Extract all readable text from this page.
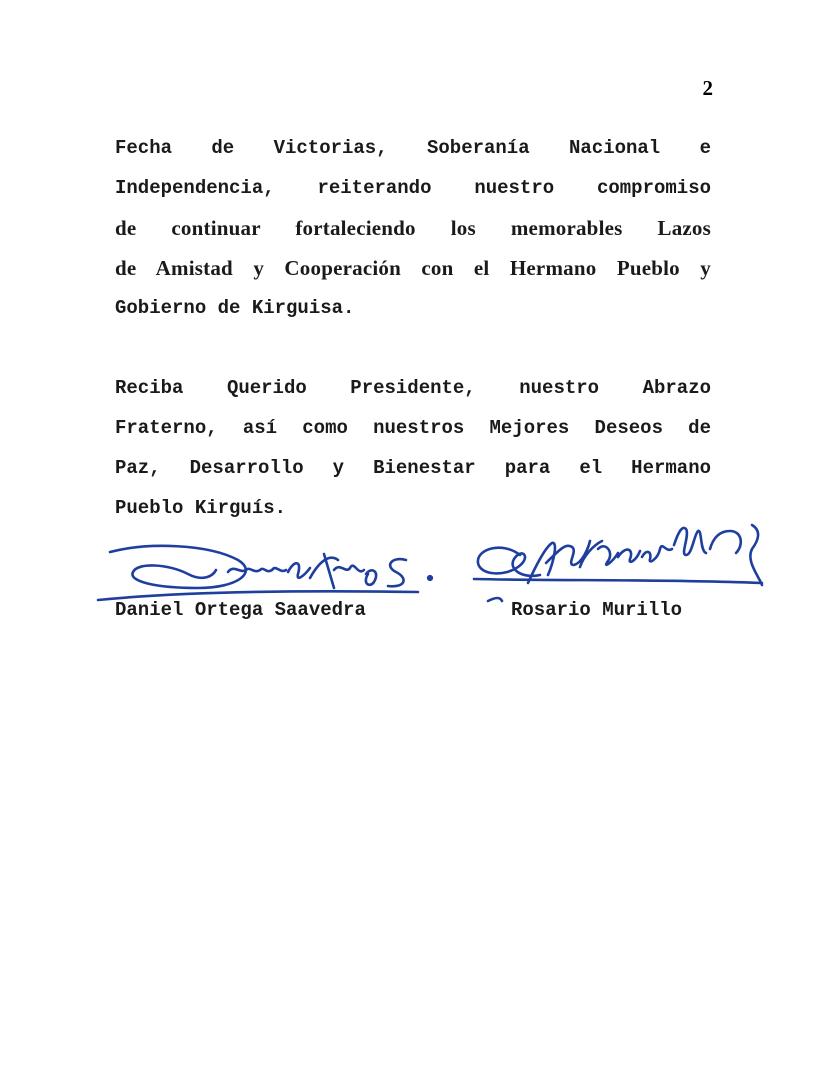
2
Fecha de Victorias, Soberanía Nacional e
Independencia, reiterando nuestro compromiso
de continuar fortaleciendo los memorables Lazos
de Amistad y Cooperación con el Hermano Pueblo y
Gobierno de Kirguisa.
Reciba Querido Presidente, nuestro Abrazo
Fraterno, así como nuestros Mejores Deseos de
Paz, Desarrollo y Bienestar para el Hermano
Pueblo Kirguís.
Daniel Ortega Saavedra	Rosario Murillo
